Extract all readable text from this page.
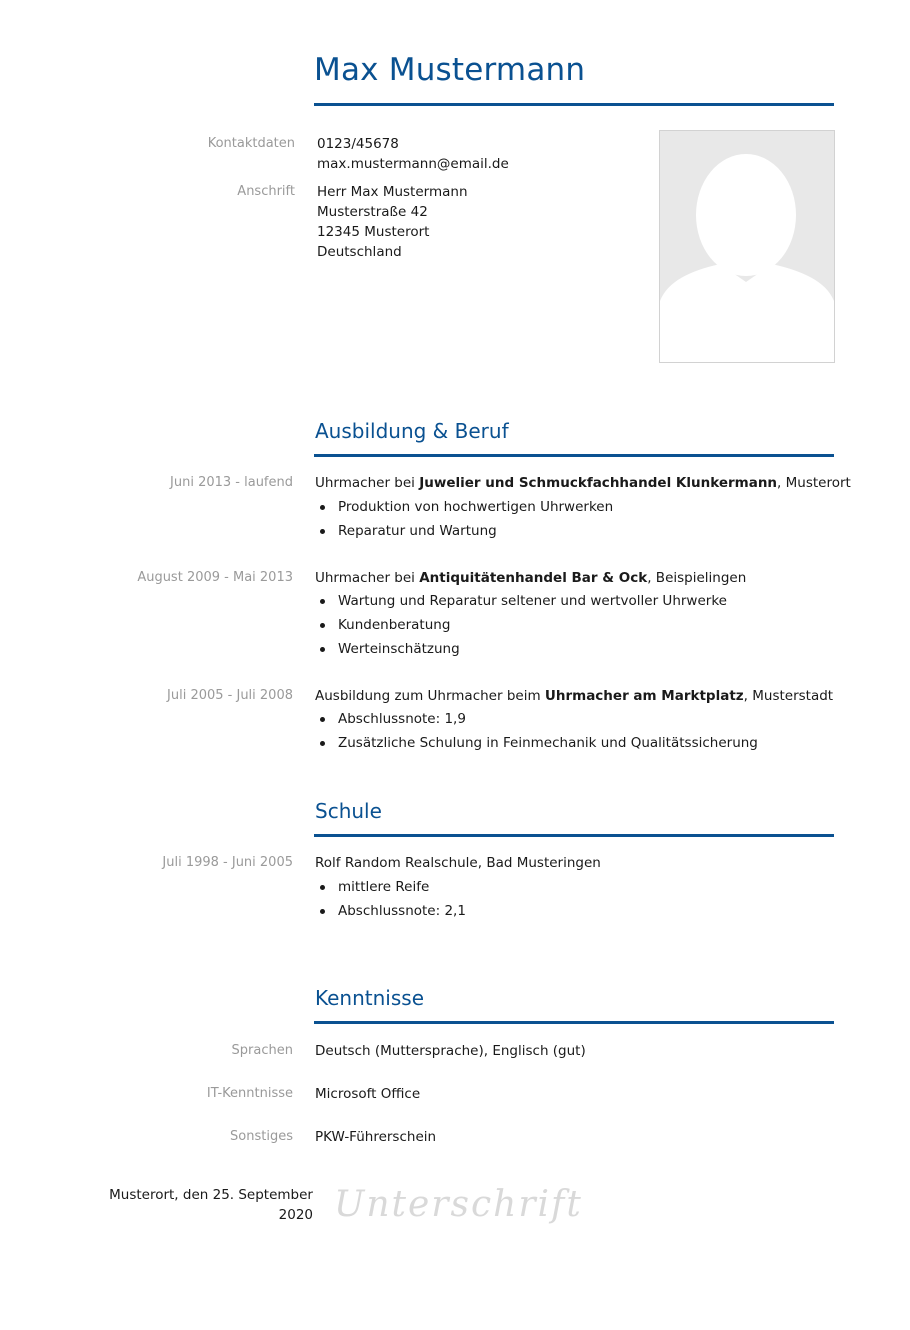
Max Mustermann
Kontaktdaten 0123/45678
max.mustermann@email.de
Anschrift Herr Max Mustermann
Musterstraße 42
12345 Musterort
Deutschland
Ausbildung & Beruf
Juni 2013 - laufend Uhrmacher bei Juwelier und Schmuckfachhandel Klunkermann, Musterort
Produktion von hochwertigen Uhrwerken
Reparatur und Wartung
August 2009 - Mai 2013 Uhrmacher bei Antiquitätenhandel Bar & Ock, Beispielingen
Wartung und Reparatur seltener und wertvoller Uhrwerke
Kundenberatung
Werteinschätzung
Juli 2005 - Juli 2008 Ausbildung zum Uhrmacher beim Uhrmacher am Marktplatz, Musterstadt
Abschlussnote: 1,9
Zusätzliche Schulung in Feinmechanik und Qualitätssicherung
Schule
Juli 1998 - Juni 2005 Rolf Random Realschule, Bad Musteringen
mittlere Reife
Abschlussnote: 2,1
Kenntnisse
Sprachen Deutsch (Muttersprache), Englisch (gut)
IT-Kenntnisse Microsoft Office
Sonstiges PKW-Führerschein
Musterort, den 25. September
2020 Unterschrift
